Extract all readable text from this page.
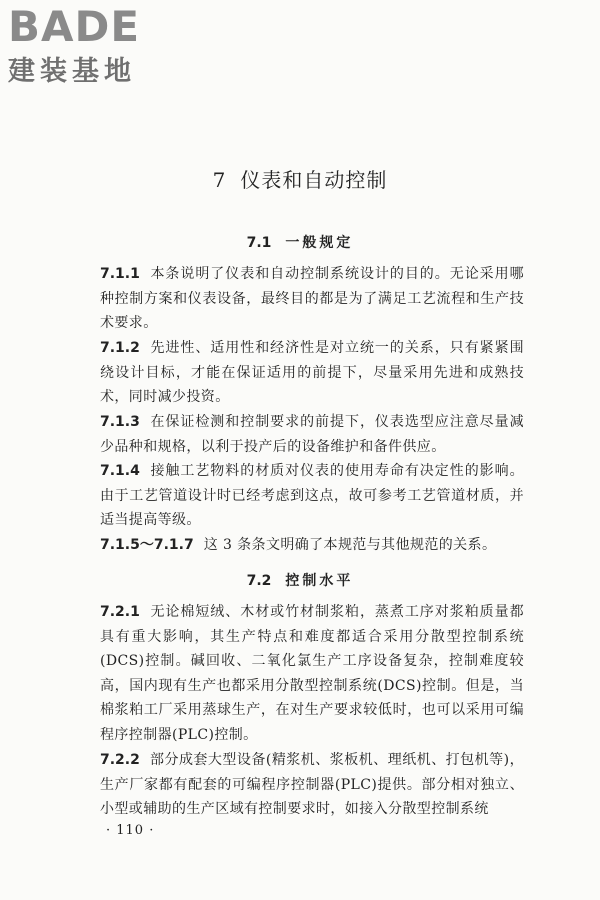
BADE
建装基地
7 仪表和自动控制
7.1 一般规定
7.1.1 本条说明了仪表和自动控制系统设计的目的。无论采用哪种控制方案和仪表设备，最终目的都是为了满足工艺流程和生产技术要求。
7.1.2 先进性、适用性和经济性是对立统一的关系，只有紧紧围绕设计目标，才能在保证适用的前提下，尽量采用先进和成熟技术，同时减少投资。
7.1.3 在保证检测和控制要求的前提下，仪表选型应注意尽量减少品种和规格，以利于投产后的设备维护和备件供应。
7.1.4 接触工艺物料的材质对仪表的使用寿命有决定性的影响。由于工艺管道设计时已经考虑到这点，故可参考工艺管道材质，并适当提高等级。
7.1.5～7.1.7 这 3 条条文明确了本规范与其他规范的关系。
7.2 控制水平
7.2.1 无论棉短绒、木材或竹材制浆粕，蒸煮工序对浆粕质量都具有重大影响，其生产特点和难度都适合采用分散型控制系统(DCS)控制。碱回收、二氧化氯生产工序设备复杂，控制难度较高，国内现有生产也都采用分散型控制系统(DCS)控制。但是，当棉浆粕工厂采用蒸球生产，在对生产要求较低时，也可以采用可编程序控制器(PLC)控制。
7.2.2 部分成套大型设备(精浆机、浆板机、理纸机、打包机等)，生产厂家都有配套的可编程序控制器(PLC)提供。部分相对独立、小型或辅助的生产区域有控制要求时，如接入分散型控制系统
· 110 ·
